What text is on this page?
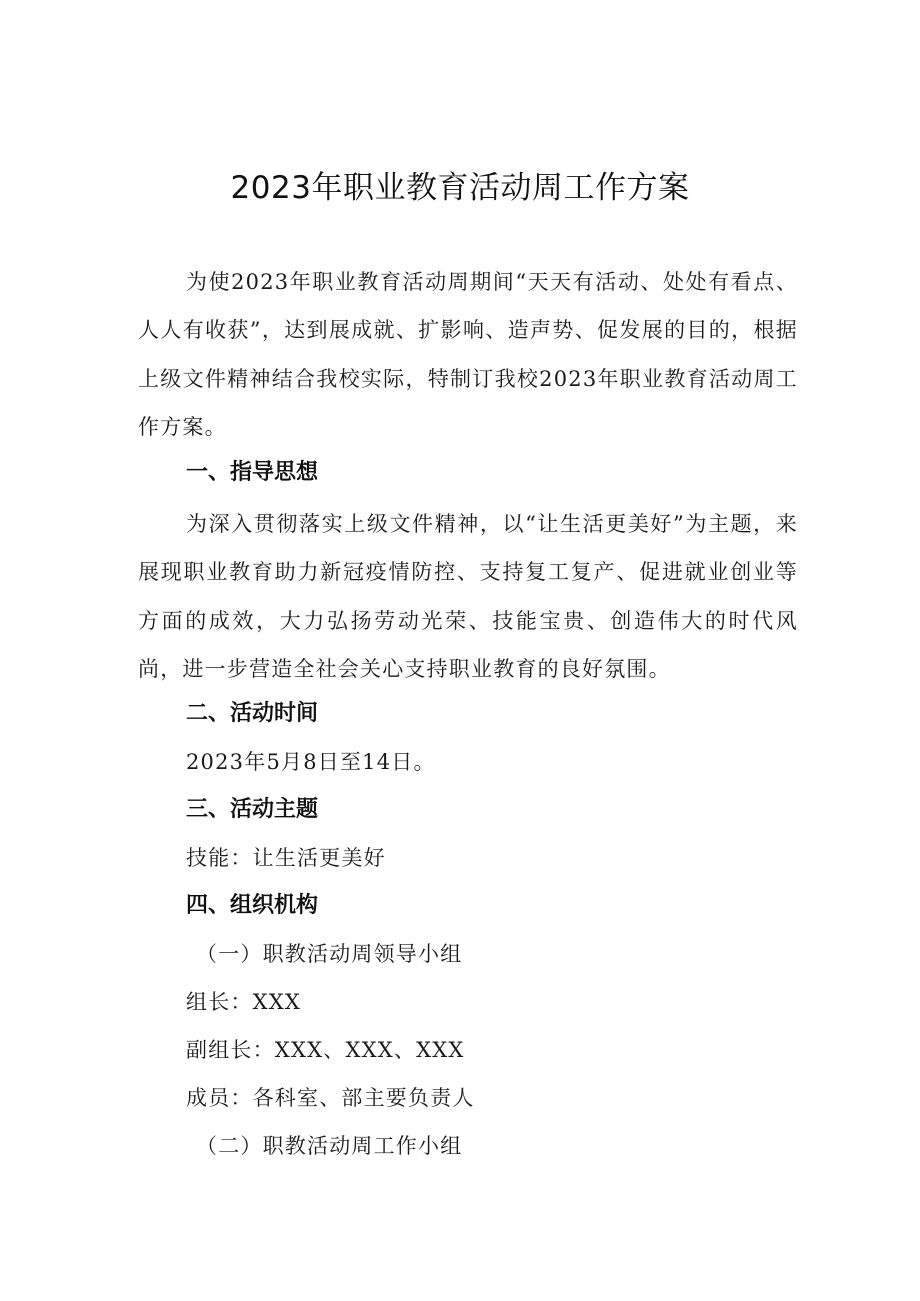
2023年职业教育活动周工作方案
为使2023年职业教育活动周期间“天天有活动、处处有看点、人人有收获”，达到展成就、扩影响、造声势、促发展的目的，根据上级文件精神结合我校实际，特制订我校2023年职业教育活动周工作方案。
一、指导思想
为深入贯彻落实上级文件精神，以“让生活更美好”为主题，来展现职业教育助力新冠疫情防控、支持复工复产、促进就业创业等方面的成效，大力弘扬劳动光荣、技能宝贵、创造伟大的时代风尚，进一步营造全社会关心支持职业教育的良好氛围。
二、活动时间
2023年5月8日至14日。
三、活动主题
技能：让生活更美好
四、组织机构
（一）职教活动周领导小组
组长：XXX
副组长：XXX、XXX、XXX
成员：各科室、部主要负责人
（二）职教活动周工作小组
